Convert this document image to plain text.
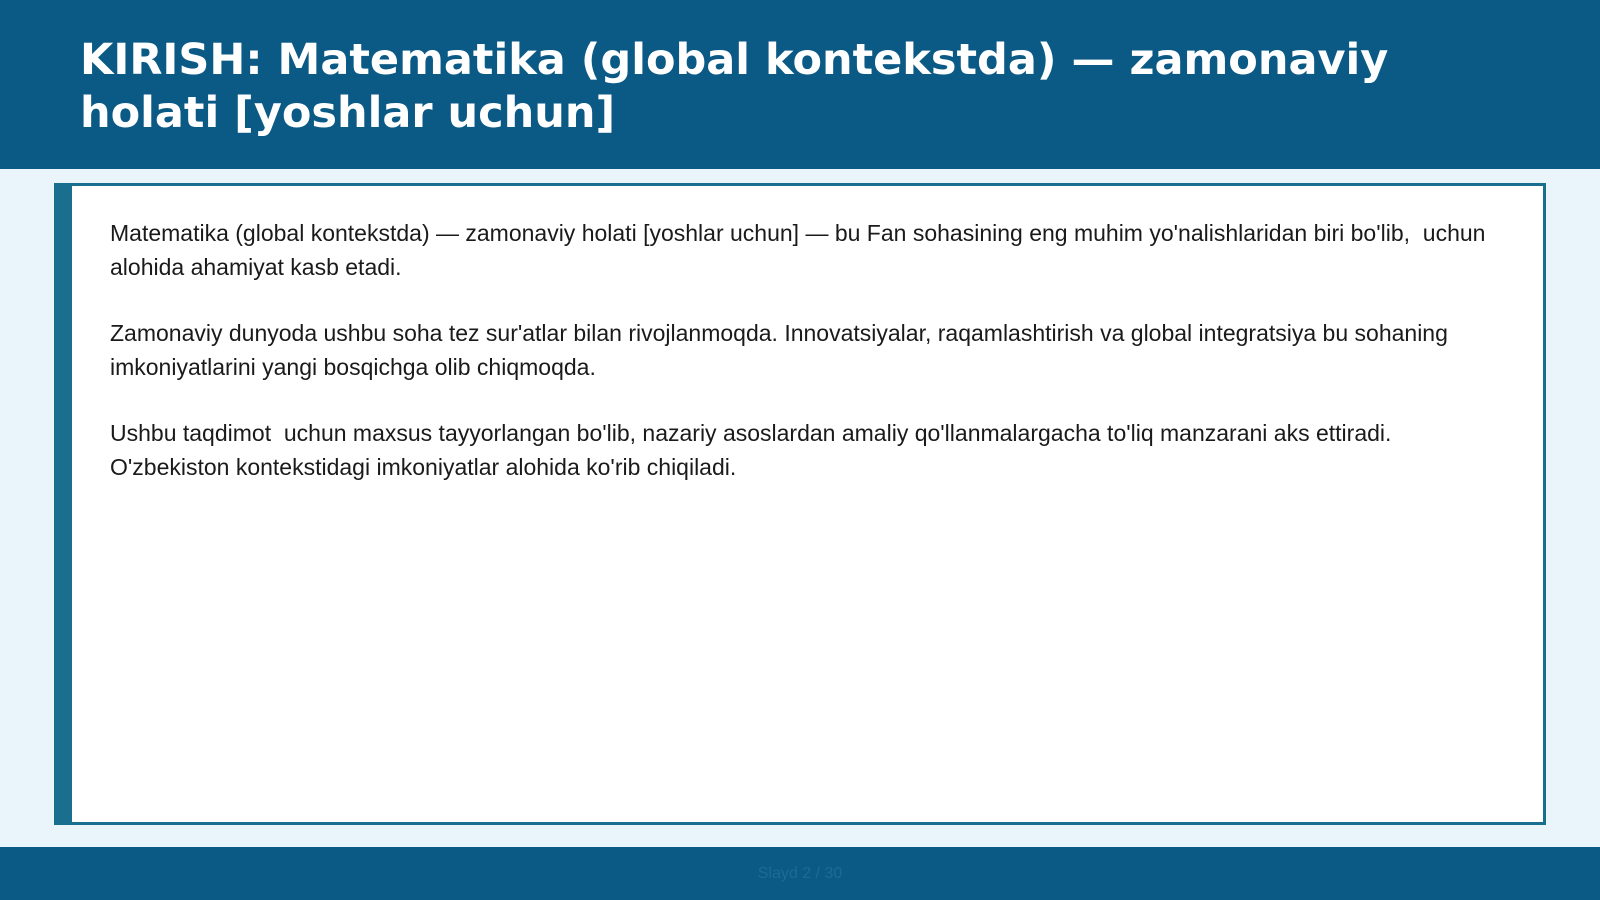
KIRISH: Matematika (global kontekstda) — zamonaviy holati [yoshlar uchun]

Matematika (global kontekstda) — zamonaviy holati [yoshlar uchun] — bu Fan sohasining eng muhim yo'nalishlaridan biri bo'lib,  uchun alohida ahamiyat kasb etadi.

Zamonaviy dunyoda ushbu soha tez sur'atlar bilan rivojlanmoqda. Innovatsiyalar, raqamlashtirish va global integratsiya bu sohaning imkoniyatlarini yangi bosqichga olib chiqmoqda.

Ushbu taqdimot  uchun maxsus tayyorlangan bo'lib, nazariy asoslardan amaliy qo'llanmalargacha to'liq manzarani aks ettiradi. O'zbekiston kontekstidagi imkoniyatlar alohida ko'rib chiqiladi.

Slayd 2 / 30
